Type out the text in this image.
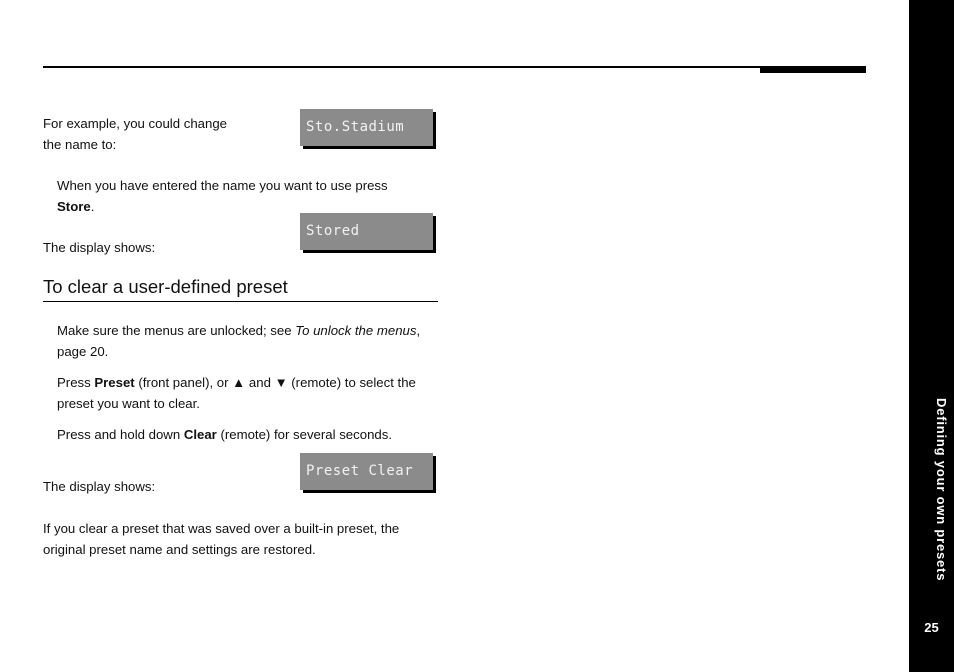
For example, you could change
the name to:

Sto.Stadium

When you have entered the name you want to use press
Store.

The display shows:

Stored
To clear a user-defined preset

Make sure the menus are unlocked; see To unlock the menus,
page 20.

Press Preset (front panel), or ▲ and ▼ (remote) to select the
preset you want to clear.

Press and hold down Clear (remote) for several seconds.

The display shows:

Preset Clear

If you clear a preset that was saved over a built-in preset, the
original preset name and settings are restored.	Defining your own presets
25
